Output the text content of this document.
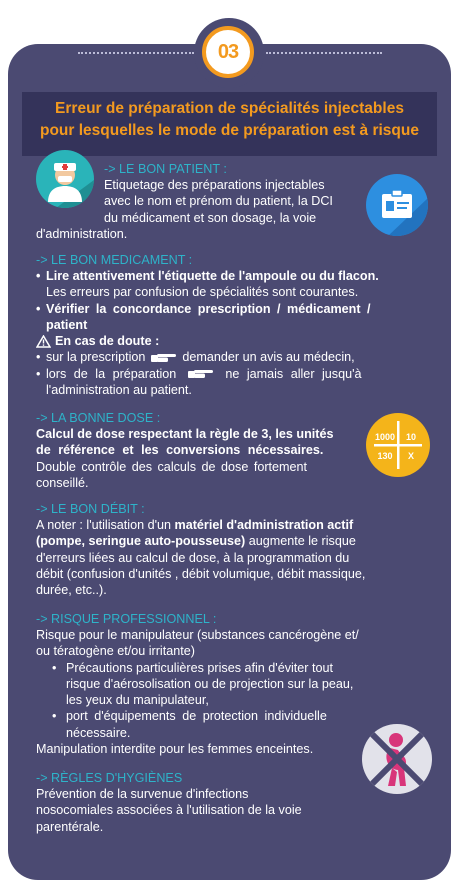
03
Erreur de préparation de spécialités injectables
pour lesquelles le mode de préparation est à risque
-> LE BON PATIENT :
Etiquetage des préparations injectables
avec le nom et prénom du patient, la DCI
du médicament et son dosage, la voie
d'administration.
-> LE BON MEDICAMENT :
• Lire attentivement l'étiquette de l'ampoule ou du flacon.
Les erreurs par confusion de spécialités sont courantes.
• Vérifier la concordance prescription / médicament /
patient
En cas de doute :
• sur la prescription	demander un avis au médecin,
• lors de la préparation	ne jamais aller jusqu'à
l'administration au patient.
1000 10
130 X
-> LA BONNE DOSE :
Calcul de dose respectant la règle de 3, les unités
de référence et les conversions nécessaires.
Double contrôle des calculs de dose fortement
conseillé.
-> LE BON DÉBIT :
A noter : l'utilisation d'un matériel d'administration actif
(pompe, seringue auto-pousseuse) augmente le risque
d'erreurs liées au calcul de dose, à la programmation du
débit (confusion d'unités , débit volumique, débit massique,
durée, etc..).
-> RISQUE PROFESSIONNEL :
Risque pour le manipulateur (substances cancérogène et/
ou tératogène et/ou irritante)
• Précautions particulières prises afin d'éviter tout
risque d'aérosolisation ou de projection sur la peau,
les yeux du manipulateur,
• port d'équipements de protection individuelle
nécessaire.
Manipulation interdite pour les femmes enceintes.
-> RÈGLES D'HYGIÈNES
Prévention de la survenue d'infections
nosocomiales associées à l'utilisation de la voie
parentérale.
